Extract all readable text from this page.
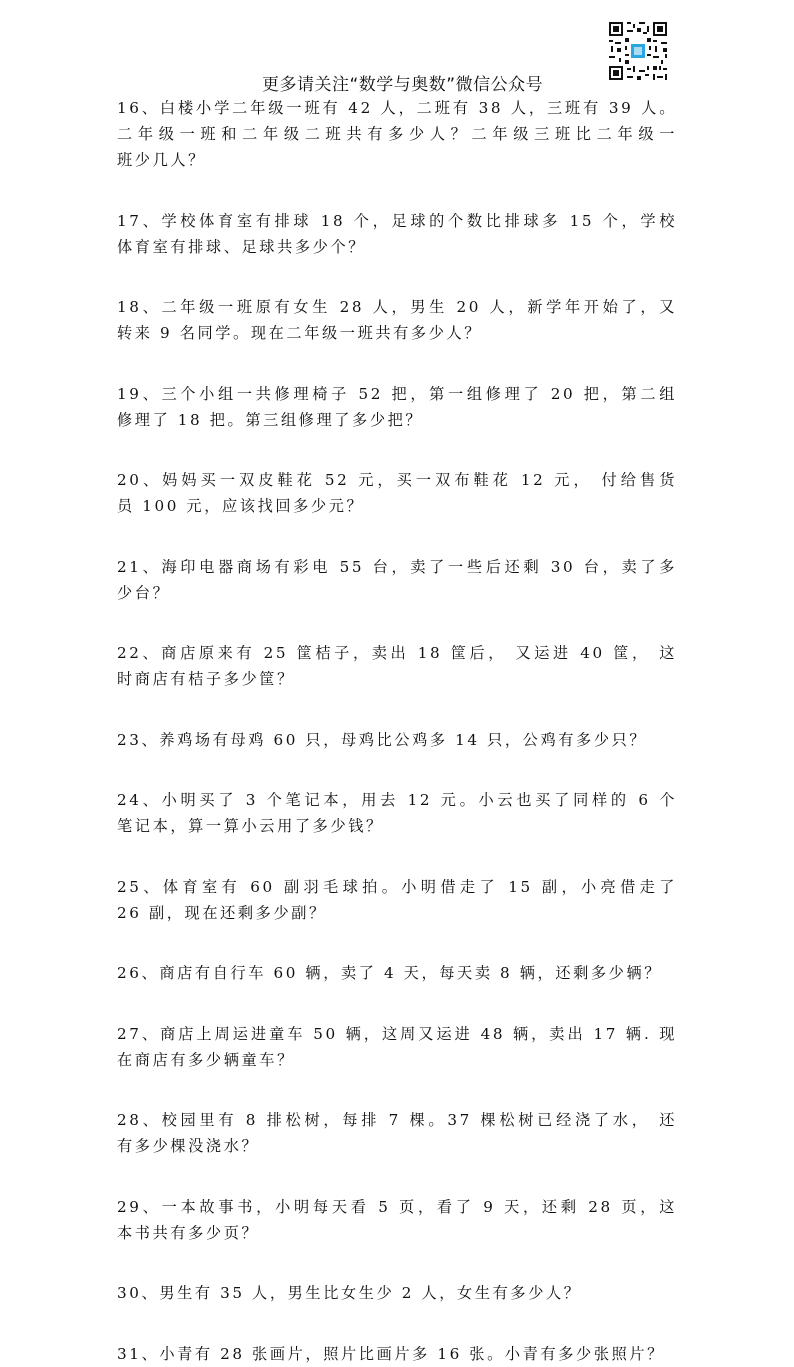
更多请关注“数学与奥数”微信公众号
16、白楼小学二年级一班有 42 人，二班有 38 人，三班有 39 人。
二年级一班和二年级二班共有多少人？二年级三班比二年级一
班少几人？
17、学校体育室有排球 18 个，足球的个数比排球多 15 个，学校
体育室有排球、足球共多少个？
18、二年级一班原有女生 28 人，男生 20 人，新学年开始了，又
转来 9 名同学。现在二年级一班共有多少人？
19、三个小组一共修理椅子 52 把，第一组修理了 20 把，第二组
修理了 18 把。第三组修理了多少把？
20、妈妈买一双皮鞋花 52 元，买一双布鞋花 12 元， 付给售货
员 100 元，应该找回多少元？
21、海印电器商场有彩电 55 台，卖了一些后还剩 30 台，卖了多
少台？
22、商店原来有 25 筐桔子，卖出 18 筐后， 又运进 40 筐， 这
时商店有桔子多少筐？
23、养鸡场有母鸡 60 只，母鸡比公鸡多 14 只，公鸡有多少只？
24、小明买了 3 个笔记本，用去 12 元。小云也买了同样的 6 个
笔记本，算一算小云用了多少钱？
25、体育室有 60 副羽毛球拍。小明借走了 15 副，小亮借走了
26 副，现在还剩多少副？
26、商店有自行车 60 辆，卖了 4 天，每天卖 8 辆，还剩多少辆？
27、商店上周运进童车 50 辆，这周又运进 48 辆，卖出 17 辆. 现
在商店有多少辆童车？
28、校园里有 8 排松树，每排 7 棵。37 棵松树已经浇了水， 还
有多少棵没浇水？
29、一本故事书，小明每天看 5 页，看了 9 天，还剩 28 页，这
本书共有多少页？
30、男生有 35 人，男生比女生少 2 人，女生有多少人？
31、小青有 28 张画片，照片比画片多 16 张。小青有多少张照片？
